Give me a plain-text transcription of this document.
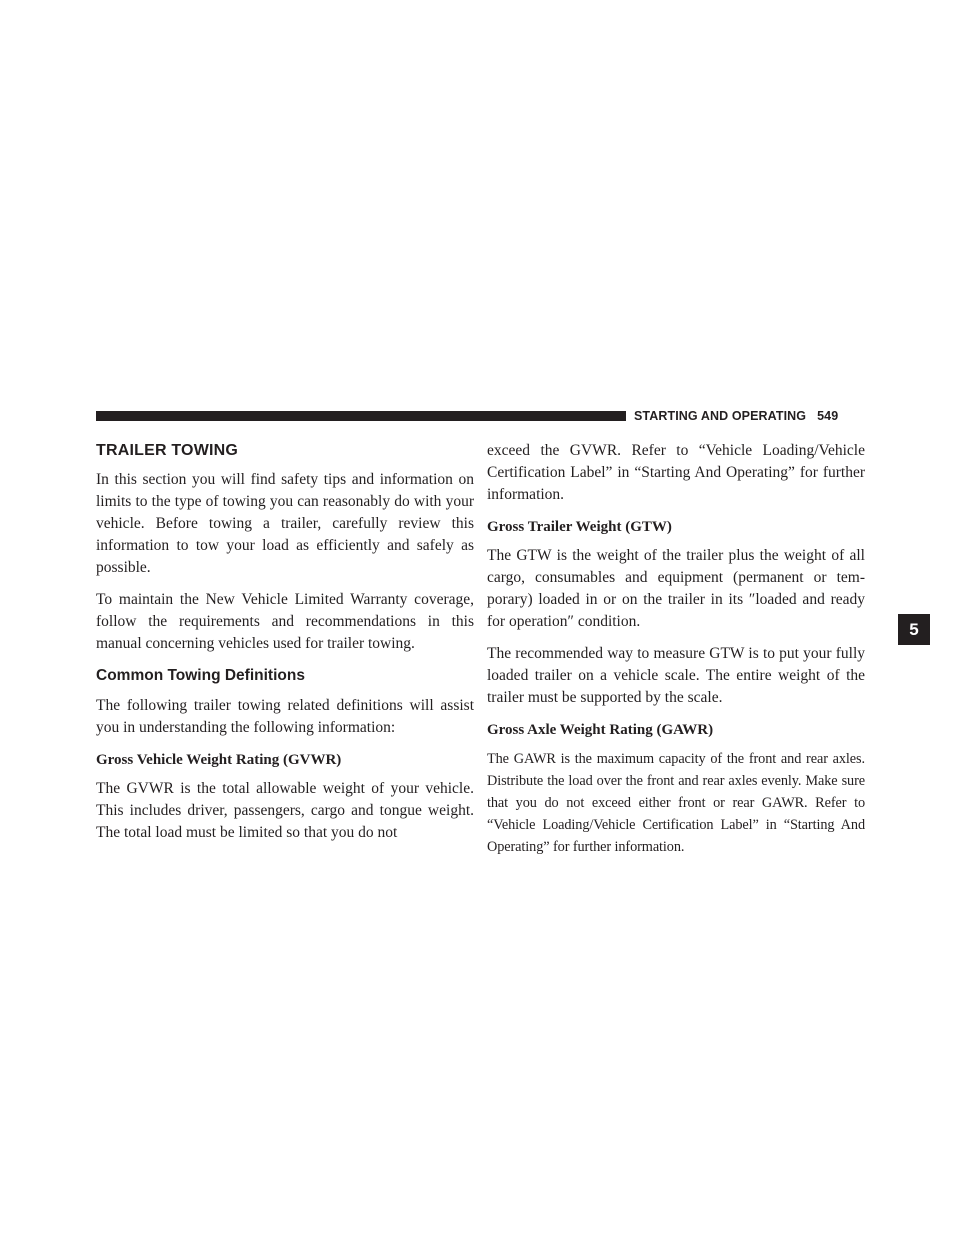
STARTING AND OPERATING 549
5
TRAILER TOWING

In this section you will find safety tips and information on limits to the type of towing you can reasonably do with your vehicle. Before towing a trailer, carefully review this information to tow your load as efficiently and safely as possible.

To maintain the New Vehicle Limited Warranty coverage, follow the requirements and recommendations in this manual concerning vehicles used for trailer towing.

Common Towing Definitions

The following trailer towing related definitions will assist you in understanding the following information:

Gross Vehicle Weight Rating (GVWR)

The GVWR is the total allowable weight of your vehicle. This includes driver, passengers, cargo and tongue weight. The total load must be limited so that you do not

exceed the GVWR. Refer to “Vehicle Loading/Vehicle Certification Label” in “Starting And Operating” for further information.

Gross Trailer Weight (GTW)

The GTW is the weight of the trailer plus the weight of all cargo, consumables and equipment (permanent or tem- porary) loaded in or on the trailer in its ″loaded and ready for operation″ condition.

The recommended way to measure GTW is to put your fully loaded trailer on a vehicle scale. The entire weight of the trailer must be supported by the scale.

Gross Axle Weight Rating (GAWR)

The GAWR is the maximum capacity of the front and rear axles. Distribute the load over the front and rear axles evenly. Make sure that you do not exceed either front or rear GAWR. Refer to “Vehicle Loading/Vehicle Certification Label” in “Starting And Operating” for further information.
